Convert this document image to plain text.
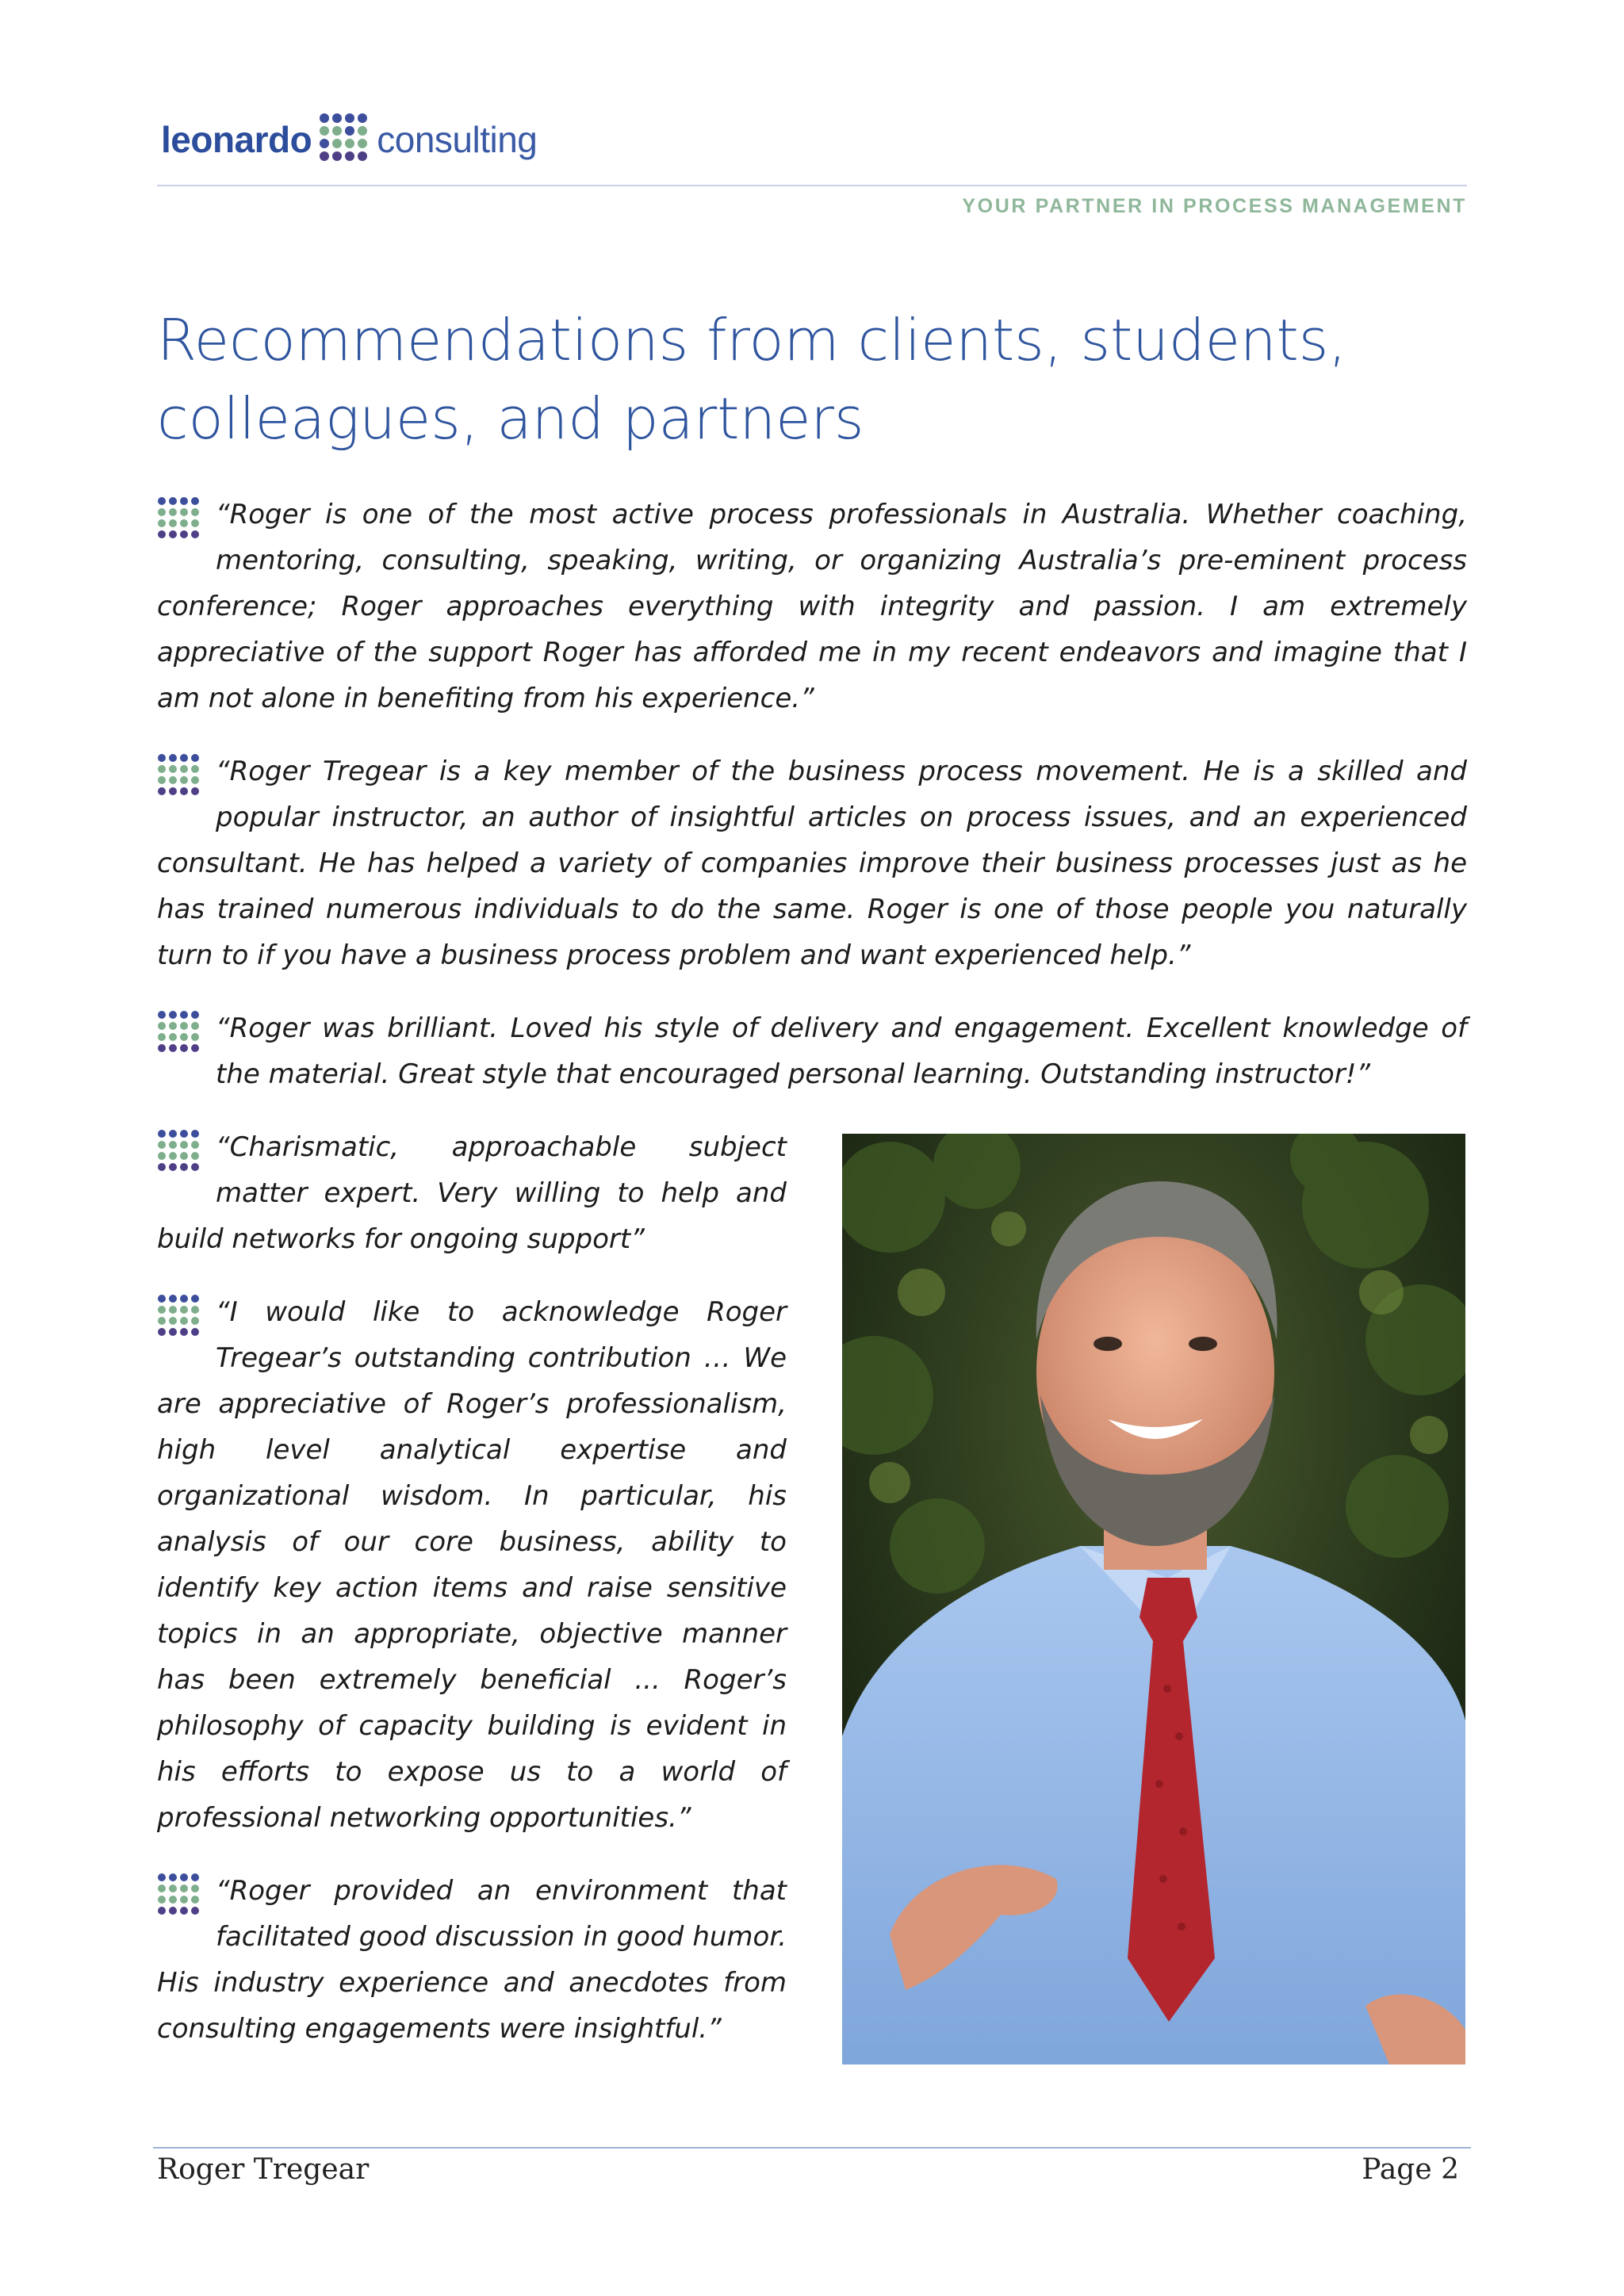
leonardo consulting
YOUR PARTNER IN PROCESS MANAGEMENT
Recommendations from clients, students, colleagues, and partners

“Roger is one of the most active process professionals in Australia. Whether coaching, mentoring, consulting, speaking, writing, or organizing Australia’s pre-eminent process conference; Roger approaches everything with integrity and passion. I am extremely appreciative of the support Roger has afforded me in my recent endeavors and imagine that I am not alone in benefiting from his experience.”

“Roger Tregear is a key member of the business process movement. He is a skilled and popular instructor, an author of insightful articles on process issues, and an experienced consultant. He has helped a variety of companies improve their business processes just as he has trained numerous individuals to do the same. Roger is one of those people you naturally turn to if you have a business process problem and want experienced help.”

“Roger was brilliant. Loved his style of delivery and engagement. Excellent knowledge of the material. Great style that encouraged personal learning. Outstanding instructor!”

“Charismatic, approachable subject matter expert. Very willing to help and build networks for ongoing support”

“I would like to acknowledge Roger Tregear’s outstanding contribution … We are appreciative of Roger’s professionalism, high level analytical expertise and organizational wisdom. In particular, his analysis of our core business, ability to identify key action items and raise sensitive topics in an appropriate, objective manner has been extremely beneficial ... Roger’s philosophy of capacity building is evident in his efforts to expose us to a world of professional networking opportunities.”

“Roger provided an environment that facilitated good discussion in good humor. His industry experience and anecdotes from consulting engagements were insightful.”

Roger Tregear	Page 2
